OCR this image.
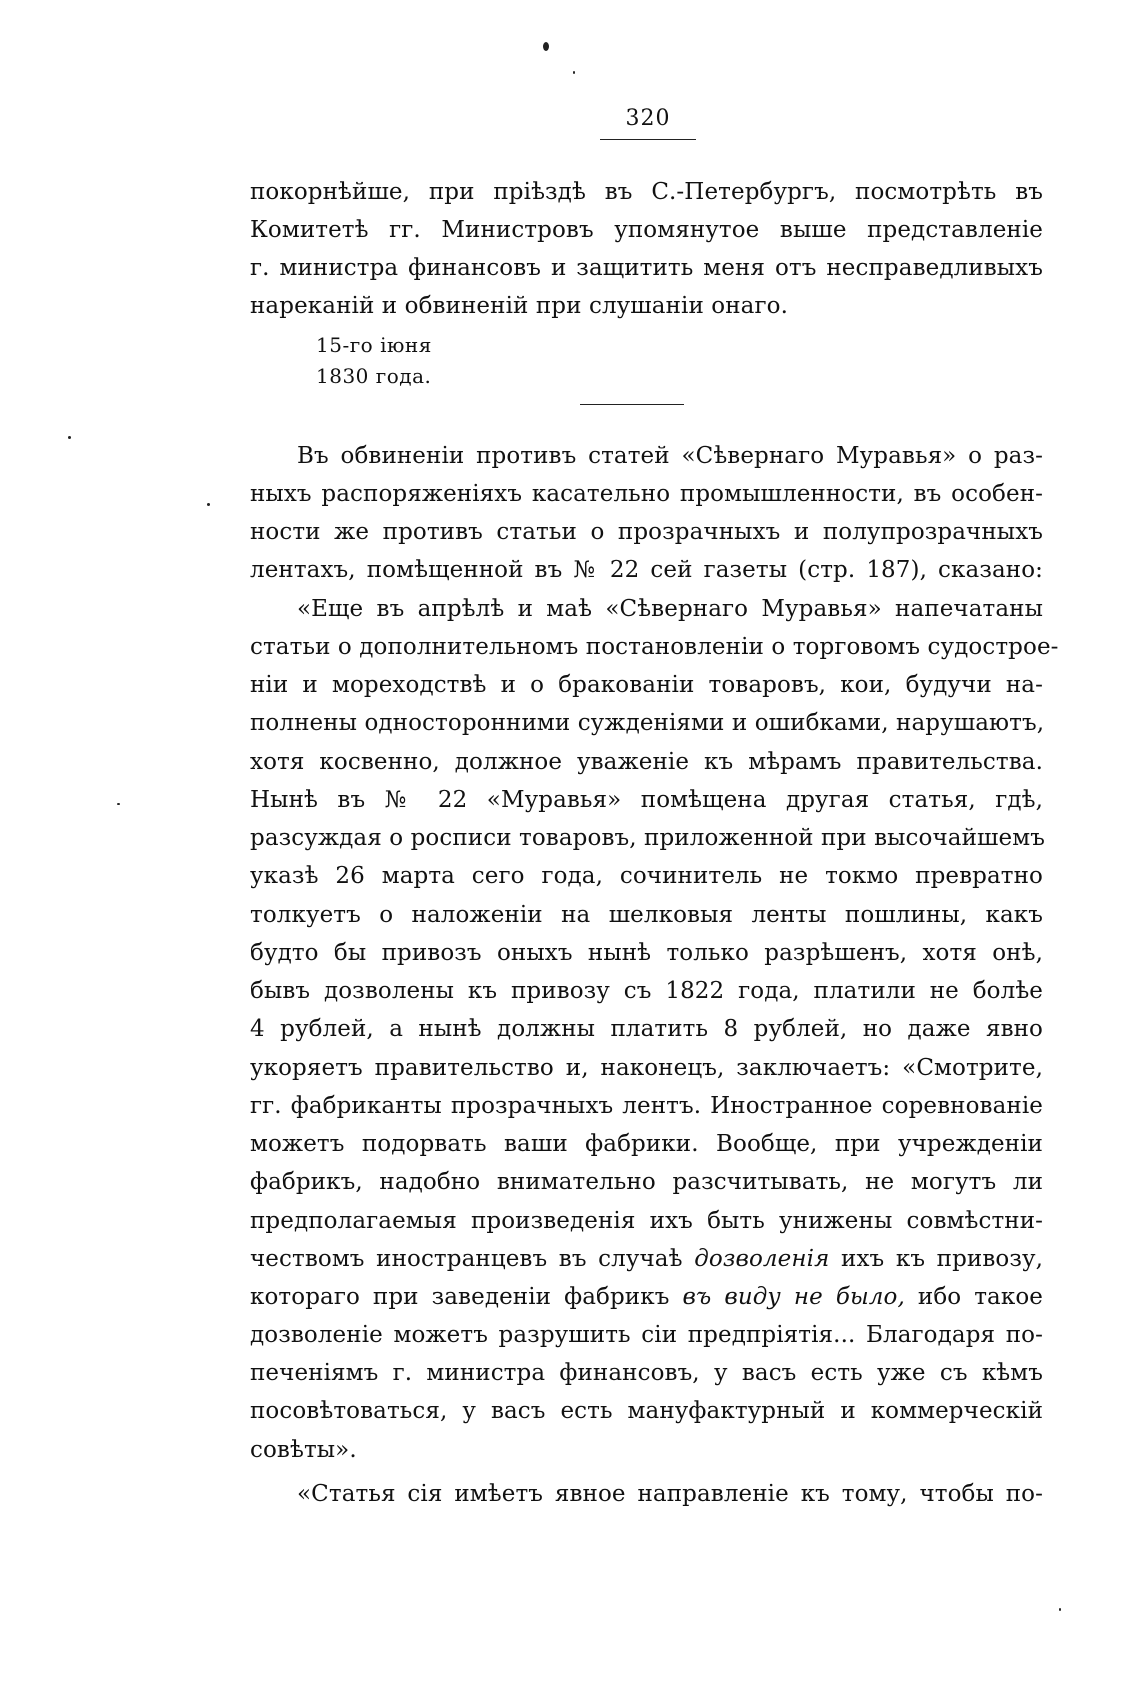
320
покорнѣйше, при пріѣздѣ въ С.-Петербургъ, посмотрѣть въ
Комитетѣ гг. Министровъ упомянутое выше представленіе
г. министра финансовъ и защитить меня отъ несправедливыхъ
нареканій и обвиненій при слушаніи онаго.
15-го іюня
1830 года.
Въ обвиненіи противъ статей «Сѣвернаго Муравья» о раз-
ныхъ распоряженіяхъ касательно промышленности, въ особен-
ности же противъ статьи о прозрачныхъ и полупрозрачныхъ
лентахъ, помѣщенной въ № 22 сей газеты (стр. 187), сказано:
«Еще въ апрѣлѣ и маѣ «Сѣвернаго Муравья» напечатаны
статьи о дополнительномъ постановленіи о торговомъ судострое-
ніи и мореходствѣ и о бракованіи товаровъ, кои, будучи на-
полнены односторонними сужденіями и ошибками, нарушаютъ,
хотя косвенно, должное уваженіе къ мѣрамъ правительства.
Нынѣ въ № 22 «Муравья» помѣщена другая статья, гдѣ,
разсуждая о росписи товаровъ, приложенной при высочайшемъ
указѣ 26 марта сего года, сочинитель не токмо превратно
толкуетъ о наложеніи на шелковыя ленты пошлины, какъ
будто бы привозъ оныхъ нынѣ только разрѣшенъ, хотя онѣ,
бывъ дозволены къ привозу съ 1822 года, платили не болѣе
4 рублей, а нынѣ должны платить 8 рублей, но даже явно
укоряетъ правительство и, наконецъ, заключаетъ: «Смотрите,
гг. фабриканты прозрачныхъ лентъ. Иностранное соревнованіе
можетъ подорвать ваши фабрики. Вообще, при учрежденіи
фабрикъ, надобно внимательно разсчитывать, не могутъ ли
предполагаемыя произведенія ихъ быть унижены совмѣстни-
чествомъ иностранцевъ въ случаѣ дозволенія ихъ къ привозу,
котораго при заведеніи фабрикъ въ виду не было, ибо такое
дозволеніе можетъ разрушить сіи предпріятія... Благодаря по-
печеніямъ г. министра финансовъ, у васъ есть уже съ кѣмъ
посовѣтоваться, у васъ есть мануфактурный и коммерческій
совѣты».
«Статья сія имѣетъ явное направленіе къ тому, чтобы по-
